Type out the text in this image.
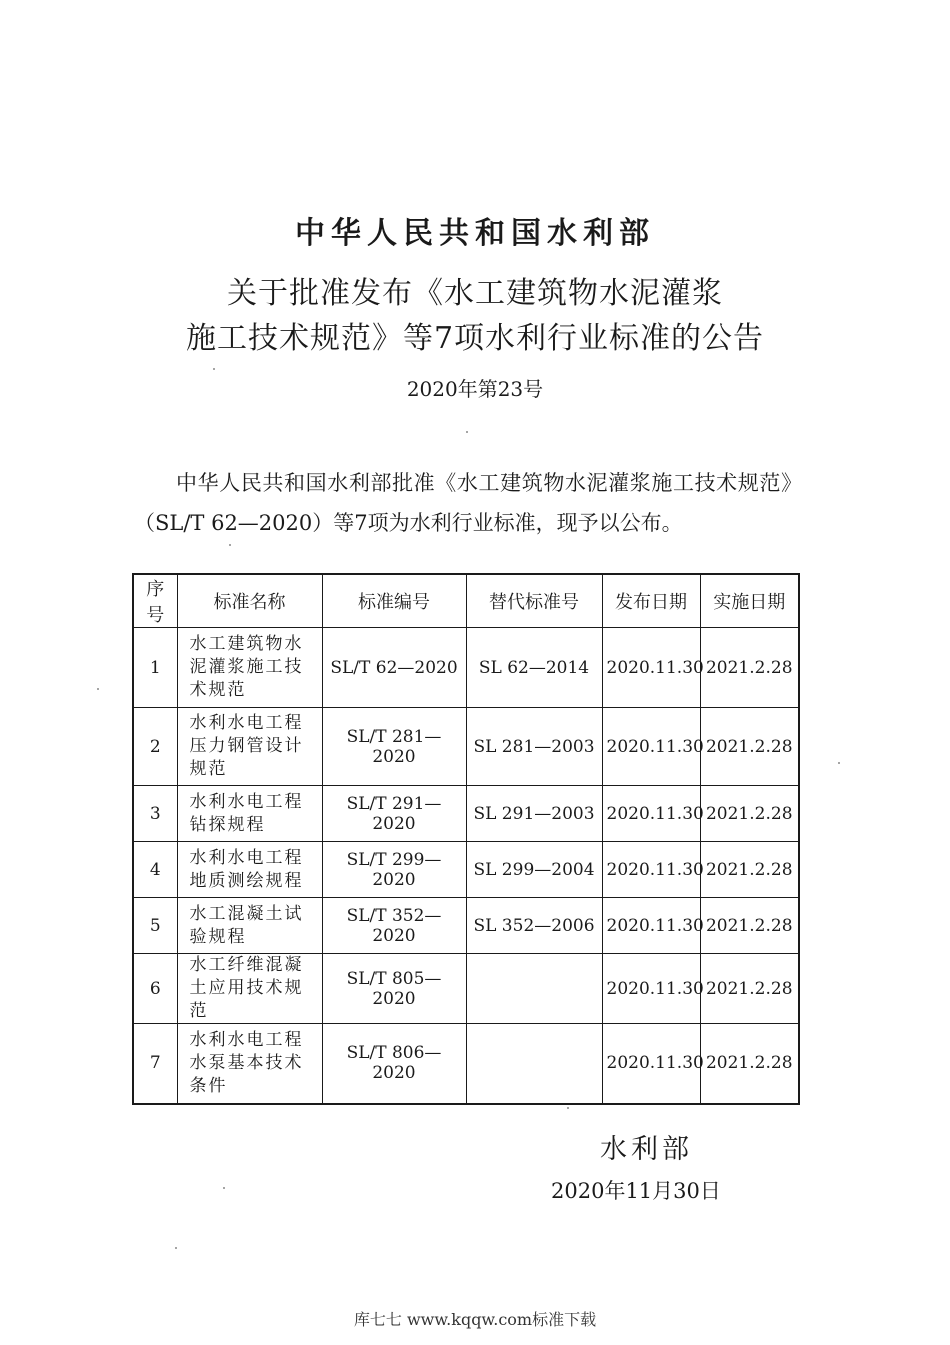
中华人民共和国水利部
关于批准发布《水工建筑物水泥灌浆
施工技术规范》等7项水利行业标准的公告
2020年第23号
中华人民共和国水利部批准《水工建筑物水泥灌浆施工技术规范》（SL/T 62—2020）等7项为水利行业标准，现予以公布。
序号	标准名称	标准编号	替代标准号	发布日期	实施日期
1	水工建筑物水泥灌浆施工技术规范	SL/T 62—2020	SL 62—2014	2020.11.30	2021.2.28
2	水利水电工程压力钢管设计规范	SL/T 281—2020	SL 281—2003	2020.11.30	2021.2.28
3	水利水电工程钻探规程	SL/T 291—2020	SL 291—2003	2020.11.30	2021.2.28
4	水利水电工程地质测绘规程	SL/T 299—2020	SL 299—2004	2020.11.30	2021.2.28
5	水工混凝土试验规程	SL/T 352—2020	SL 352—2006	2020.11.30	2021.2.28
6	水工纤维混凝土应用技术规范	SL/T 805—2020		2020.11.30	2021.2.28
7	水利水电工程水泵基本技术条件	SL/T 806—2020		2020.11.30	2021.2.28
水利部
2020年11月30日
库七七 www.kqqw.com标准下载
